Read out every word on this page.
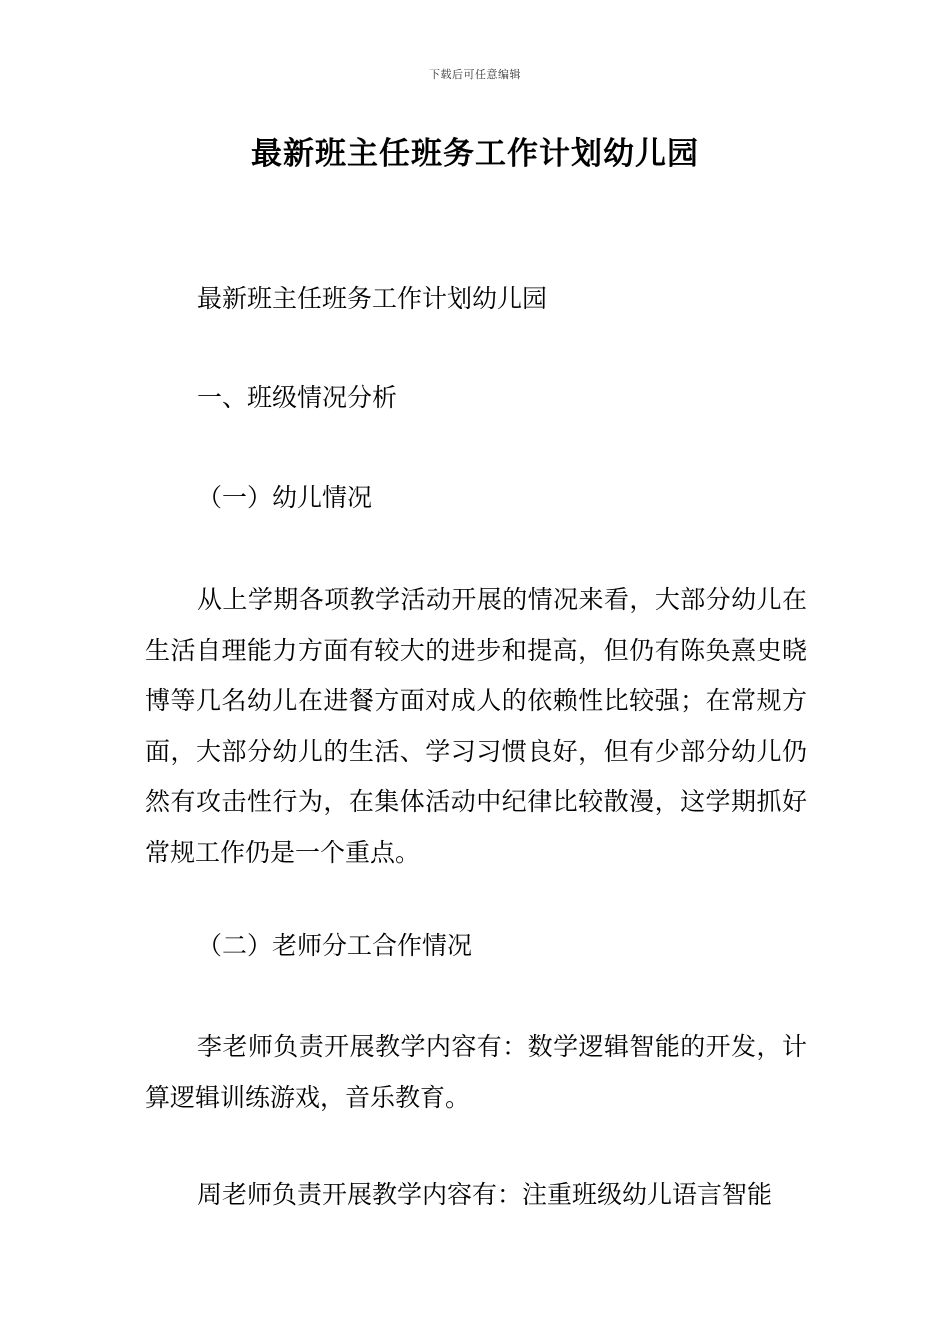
下载后可任意编辑
最新班主任班务工作计划幼儿园
最新班主任班务工作计划幼儿园
一、班级情况分析
（一）幼儿情况
从上学期各项教学活动开展的情况来看，大部分幼儿在生活自理能力方面有较大的进步和提高，但仍有陈奂熹史晓博等几名幼儿在进餐方面对成人的依赖性比较强；在常规方面，大部分幼儿的生活、学习习惯良好，但有少部分幼儿仍然有攻击性行为，在集体活动中纪律比较散漫，这学期抓好常规工作仍是一个重点。
（二）老师分工合作情况
李老师负责开展教学内容有：数学逻辑智能的开发，计算逻辑训练游戏，音乐教育。
周老师负责开展教学内容有：注重班级幼儿语言智能
